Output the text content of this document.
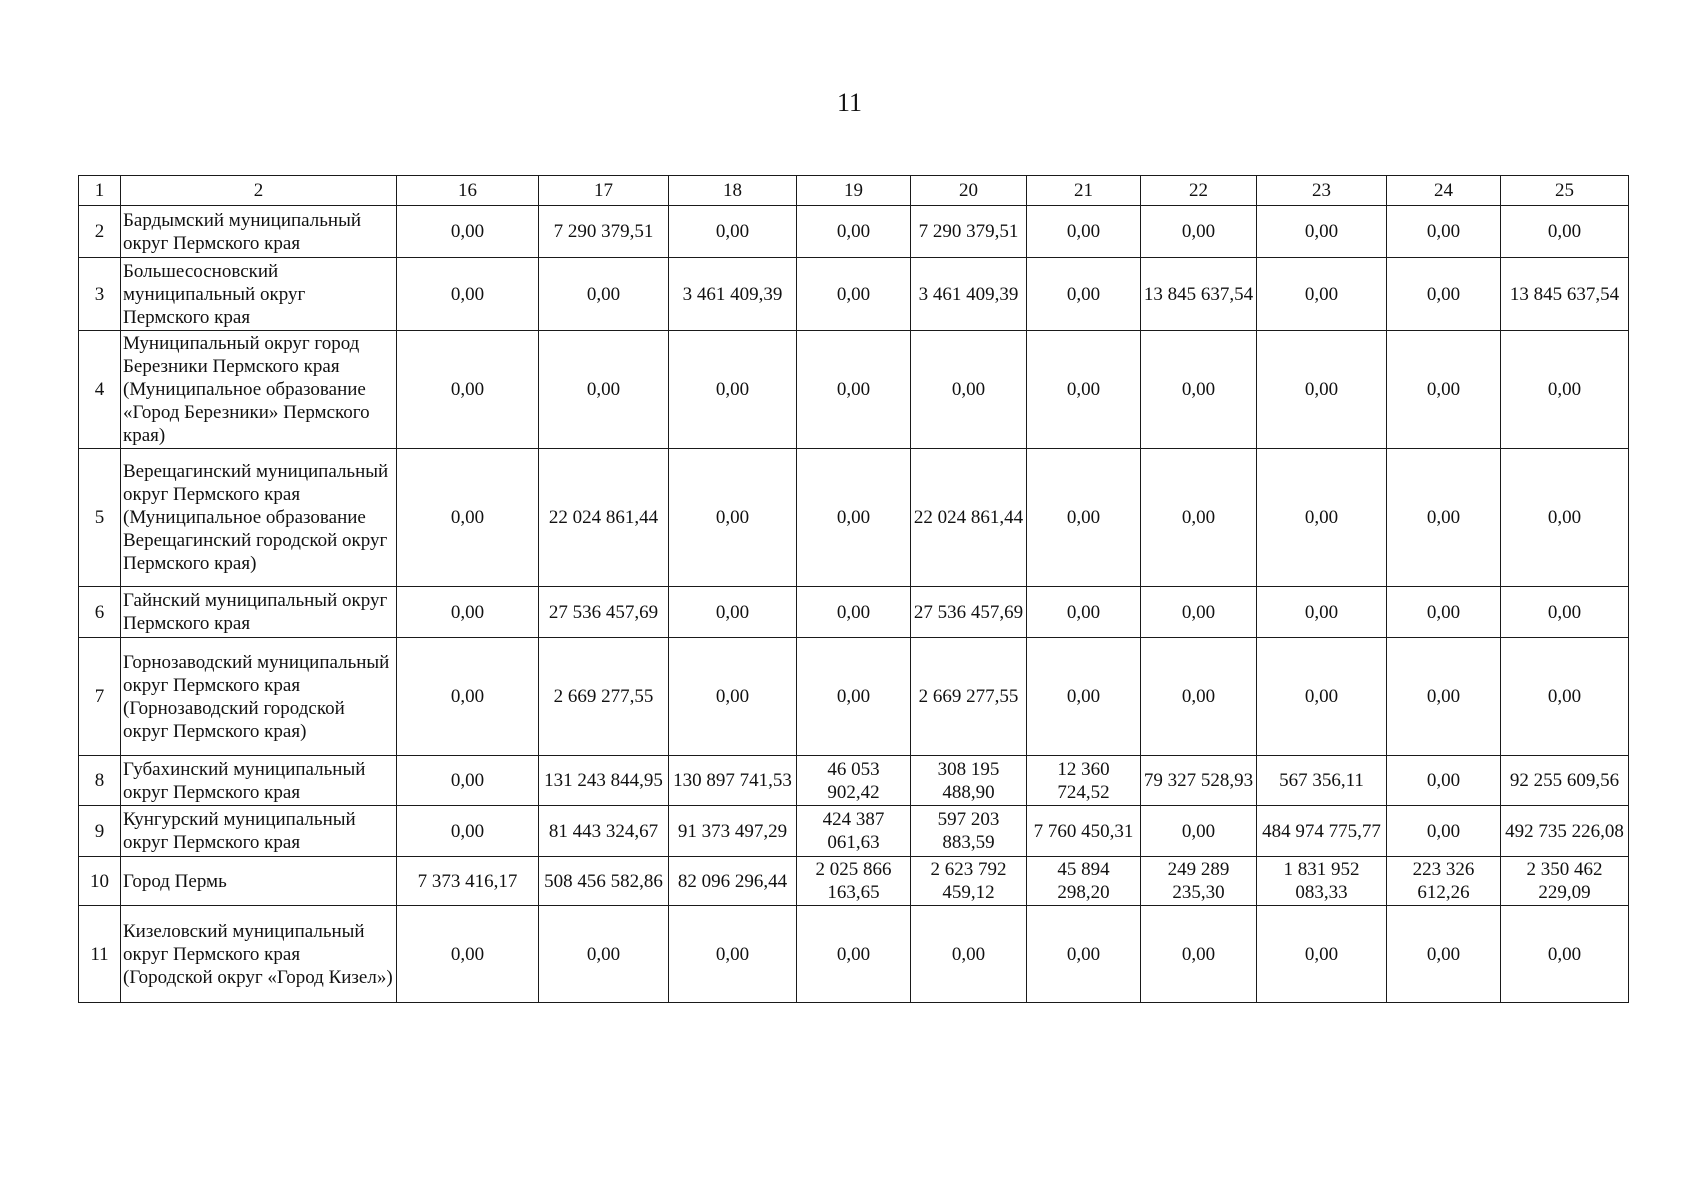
11
1	2	16	17	18	19	20	21	22	23	24	25
2	Бардымский муниципальный округ Пермского края	0,00	7 290 379,51	0,00	0,00	7 290 379,51	0,00	0,00	0,00	0,00	0,00
3	Большесосновский муниципальный округ Пермского края	0,00	0,00	3 461 409,39	0,00	3 461 409,39	0,00	13 845 637,54	0,00	0,00	13 845 637,54
4	Муниципальный округ город Березники Пермского края (Муниципальное образование «Город Березники» Пермского края)	0,00	0,00	0,00	0,00	0,00	0,00	0,00	0,00	0,00	0,00
5	Верещагинский муниципальный округ Пермского края (Муниципальное образование Верещагинский городской округ Пермского края)	0,00	22 024 861,44	0,00	0,00	22 024 861,44	0,00	0,00	0,00	0,00	0,00
6	Гайнский муниципальный округ Пермского края	0,00	27 536 457,69	0,00	0,00	27 536 457,69	0,00	0,00	0,00	0,00	0,00
7	Горнозаводский муниципальный округ Пермского края (Горнозаводский городской округ Пермского края)	0,00	2 669 277,55	0,00	0,00	2 669 277,55	0,00	0,00	0,00	0,00	0,00
8	Губахинский муниципальный округ Пермского края	0,00	131 243 844,95	130 897 741,53	46 053 902,42	308 195 488,90	12 360 724,52	79 327 528,93	567 356,11	0,00	92 255 609,56
9	Кунгурский муниципальный округ Пермского края	0,00	81 443 324,67	91 373 497,29	424 387 061,63	597 203 883,59	7 760 450,31	0,00	484 974 775,77	0,00	492 735 226,08
10	Город Пермь	7 373 416,17	508 456 582,86	82 096 296,44	2 025 866 163,65	2 623 792 459,12	45 894 298,20	249 289 235,30	1 831 952 083,33	223 326 612,26	2 350 462 229,09
11	Кизеловский муниципальный округ Пермского края (Городской округ «Город Кизел»)	0,00	0,00	0,00	0,00	0,00	0,00	0,00	0,00	0,00	0,00
